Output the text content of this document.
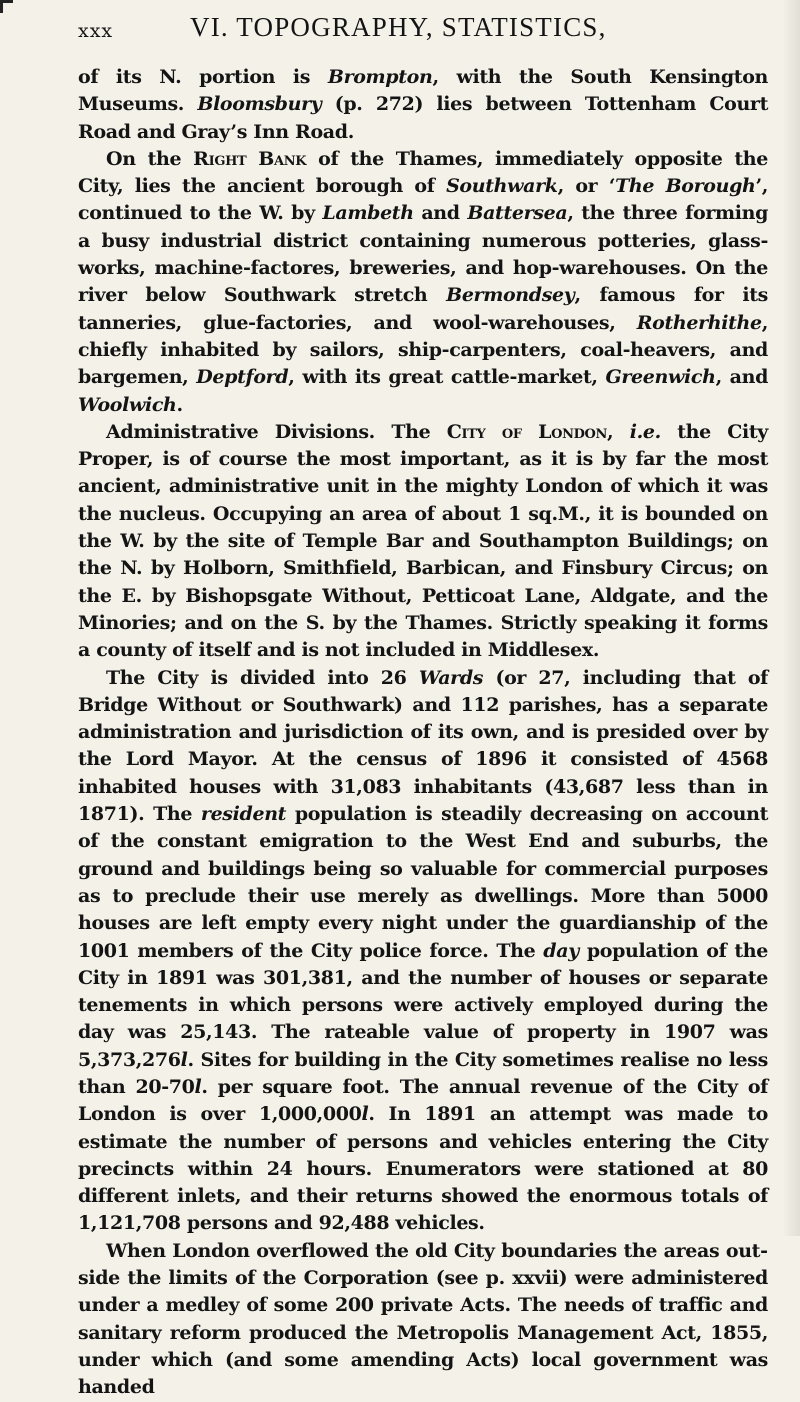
xxx	VI. TOPOGRAPHY, STATISTICS,

of its N. portion is Brompton, with the South Kensington Museums. Bloomsbury (p. 272) lies between Tottenham Court Road and Gray’s Inn Road.

On the Right Bank of the Thames, immediately opposite the City, lies the ancient borough of Southwark, or ‘The Borough’, continued to the W. by Lambeth and Battersea, the three forming a busy industrial district containing numerous potteries, glass-works, machine-factores, breweries, and hop-warehouses. On the river below Southwark stretch Bermondsey, famous for its tanneries, glue-factories, and wool-warehouses, Rotherhithe, chiefly inhabited by sailors, ship-carpenters, coal-heavers, and bargemen, Deptford, with its great cattle-market, Greenwich, and Woolwich.

Administrative Divisions. The City of London, i.e. the City Proper, is of course the most important, as it is by far the most ancient, administrative unit in the mighty London of which it was the nucleus. Occupying an area of about 1 sq.M., it is bounded on the W. by the site of Temple Bar and Southampton Buildings; on the N. by Holborn, Smithfield, Barbican, and Finsbury Circus; on the E. by Bishopsgate Without, Petticoat Lane, Aldgate, and the Minories; and on the S. by the Thames. Strictly speaking it forms a county of itself and is not included in Middlesex.

The City is divided into 26 Wards (or 27, including that of Bridge Without or Southwark) and 112 parishes, has a separate administration and jurisdiction of its own, and is presided over by the Lord Mayor. At the census of 1896 it consisted of 4568 inhabited houses with 31,083 inhabitants (43,687 less than in 1871). The resident population is steadily decreasing on account of the constant emigration to the West End and suburbs, the ground and buildings being so valuable for commercial purposes as to preclude their use merely as dwellings. More than 5000 houses are left empty every night under the guardianship of the 1001 members of the City police force. The day population of the City in 1891 was 301,381, and the number of houses or separate tenements in which persons were actively employed during the day was 25,143. The rateable value of property in 1907 was 5,373,276l. Sites for building in the City sometimes realise no less than 20-70l. per square foot. The annual revenue of the City of London is over 1,000,000l. In 1891 an attempt was made to estimate the number of persons and vehicles entering the City precincts within 24 hours. Enumerators were stationed at 80 different inlets, and their returns showed the enormous totals of 1,121,708 persons and 92,488 vehicles.

When London overflowed the old City boundaries the areas outside the limits of the Corporation (see p. xxvii) were administered under a medley of some 200 private Acts. The needs of traffic and sanitary reform produced the Metropolis Management Act, 1855, under which (and some amending Acts) local government was handed
